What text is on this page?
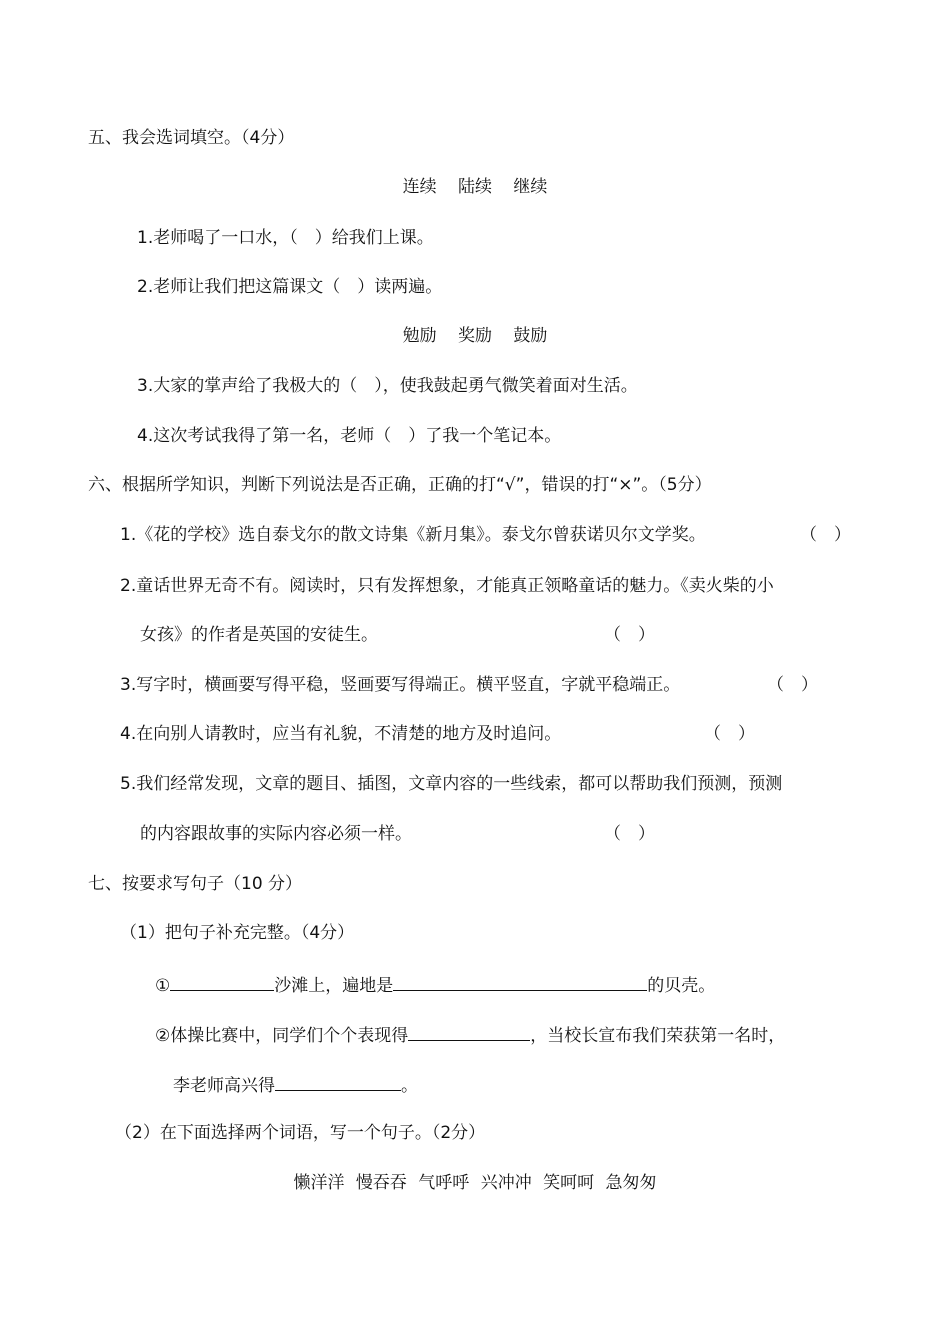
五、我会选词填空。（4分）
连续 陆续 继续
1.老师喝了一口水，（　）给我们上课。
2.老师让我们把这篇课文（　）读两遍。
勉励 奖励 鼓励
3.大家的掌声给了我极大的（　），使我鼓起勇气微笑着面对生活。
4.这次考试我得了第一名，老师（　）了我一个笔记本。
六、根据所学知识，判断下列说法是否正确，正确的打“√”，错误的打“×”。（5分）
1.《花的学校》选自泰戈尔的散文诗集《新月集》。泰戈尔曾获诺贝尔文学奖。	（　）
2.童话世界无奇不有。阅读时，只有发挥想象，才能真正领略童话的魅力。《卖火柴的小
女孩》的作者是英国的安徒生。	（　）
3.写字时，横画要写得平稳，竖画要写得端正。横平竖直，字就平稳端正。	（　）
4.在向别人请教时，应当有礼貌，不清楚的地方及时追问。	（　）
5.我们经常发现，文章的题目、插图，文章内容的一些线索，都可以帮助我们预测，预测
的内容跟故事的实际内容必须一样。	（　）
七、按要求写句子（10 分）
（1）把句子补充完整。（4分）
①	沙滩上，遍地是	的贝壳。
②体操比赛中，同学们个个表现得	，当校长宣布我们荣获第一名时，
李老师高兴得	。
（2）在下面选择两个词语，写一个句子。（2分）
懒洋洋 慢吞吞 气呼呼 兴冲冲 笑呵呵 急匆匆
